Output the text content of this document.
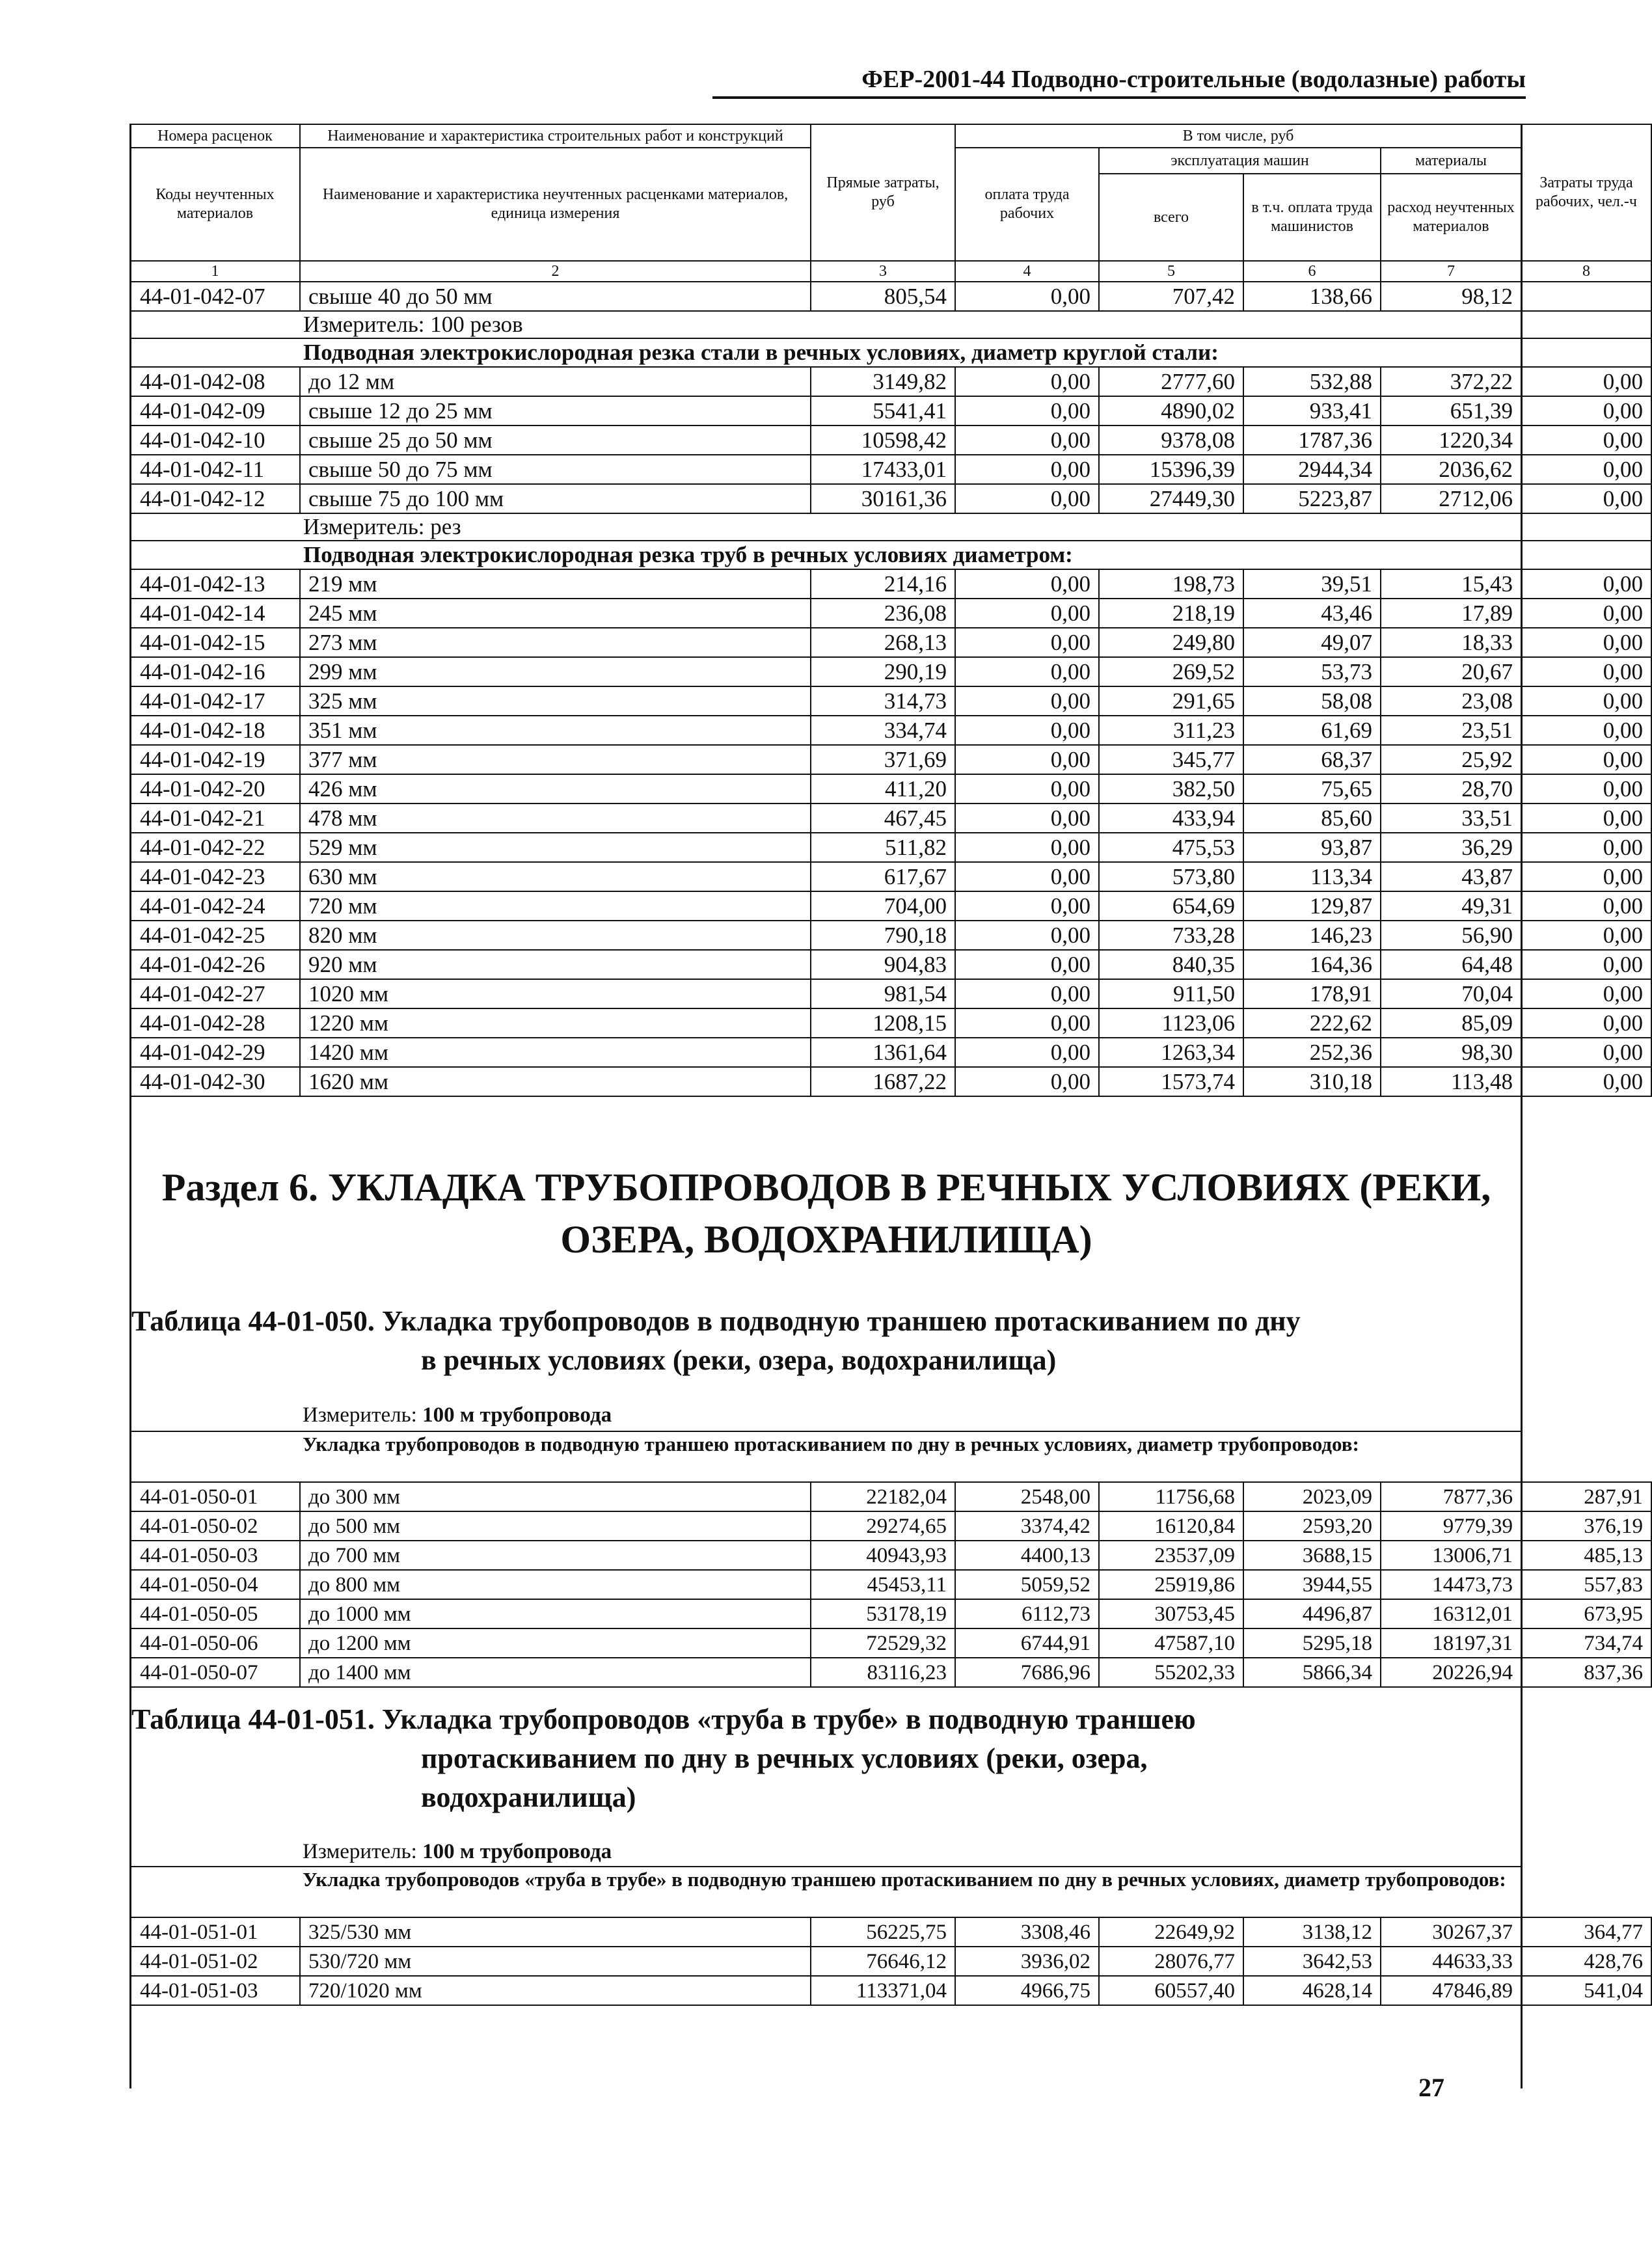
ФЕР-2001-44 Подводно-строительные (водолазные) работы
Номера расценок	Наименование и характеристика строительных работ и конструкций	Прямые затраты, руб	В том числе, руб				Затраты труда рабочих, чел.-ч
Коды неучтенных материалов	Наименование и характеристика неучтенных расценками материалов, единица измерения		оплата труда рабочих	эксплуатация машин		материалы	
				всего	в т.ч. оплата труда машинистов	расход неучтенных материалов	
1	2	3	4	5	6	7	8
44-01-042-07	свыше 40 до 50 мм	805,54	0,00	707,42	138,66	98,12	
Измеритель: 100 резов							
Подводная электрокислородная резка стали в речных условиях, диаметр круглой стали:							
44-01-042-08	до 12 мм	3149,82	0,00	2777,60	532,88	372,22	0,00
44-01-042-09	свыше 12 до 25 мм	5541,41	0,00	4890,02	933,41	651,39	0,00
44-01-042-10	свыше 25 до 50 мм	10598,42	0,00	9378,08	1787,36	1220,34	0,00
44-01-042-11	свыше 50 до 75 мм	17433,01	0,00	15396,39	2944,34	2036,62	0,00
44-01-042-12	свыше 75 до 100 мм	30161,36	0,00	27449,30	5223,87	2712,06	0,00
Измеритель: рез							
Подводная электрокислородная резка труб в речных условиях диаметром:							
44-01-042-13	219 мм	214,16	0,00	198,73	39,51	15,43	0,00
44-01-042-14	245 мм	236,08	0,00	218,19	43,46	17,89	0,00
44-01-042-15	273 мм	268,13	0,00	249,80	49,07	18,33	0,00
44-01-042-16	299 мм	290,19	0,00	269,52	53,73	20,67	0,00
44-01-042-17	325 мм	314,73	0,00	291,65	58,08	23,08	0,00
44-01-042-18	351 мм	334,74	0,00	311,23	61,69	23,51	0,00
44-01-042-19	377 мм	371,69	0,00	345,77	68,37	25,92	0,00
44-01-042-20	426 мм	411,20	0,00	382,50	75,65	28,70	0,00
44-01-042-21	478 мм	467,45	0,00	433,94	85,60	33,51	0,00
44-01-042-22	529 мм	511,82	0,00	475,53	93,87	36,29	0,00
44-01-042-23	630 мм	617,67	0,00	573,80	113,34	43,87	0,00
44-01-042-24	720 мм	704,00	0,00	654,69	129,87	49,31	0,00
44-01-042-25	820 мм	790,18	0,00	733,28	146,23	56,90	0,00
44-01-042-26	920 мм	904,83	0,00	840,35	164,36	64,48	0,00
44-01-042-27	1020 мм	981,54	0,00	911,50	178,91	70,04	0,00
44-01-042-28	1220 мм	1208,15	0,00	1123,06	222,62	85,09	0,00
44-01-042-29	1420 мм	1361,64	0,00	1263,34	252,36	98,30	0,00
44-01-042-30	1620 мм	1687,22	0,00	1573,74	310,18	113,48	0,00
Раздел 6. УКЛАДКА ТРУБОПРОВОДОВ В РЕЧНЫХ УСЛОВИЯХ (РЕКИ, ОЗЕРА, ВОДОХРАНИЛИЩА)
Таблица 44-01-050. Укладка трубопроводов в подводную траншею протаскиванием по дну
в речных условиях (реки, озера, водохранилища)
Измеритель: 100 м трубопровода
Укладка трубопроводов в подводную траншею протаскиванием по дну в речных условиях, диаметр трубопроводов:
44-01-050-01	до 300 мм	22182,04	2548,00	11756,68	2023,09	7877,36	287,91
44-01-050-02	до 500 мм	29274,65	3374,42	16120,84	2593,20	9779,39	376,19
44-01-050-03	до 700 мм	40943,93	4400,13	23537,09	3688,15	13006,71	485,13
44-01-050-04	до 800 мм	45453,11	5059,52	25919,86	3944,55	14473,73	557,83
44-01-050-05	до 1000 мм	53178,19	6112,73	30753,45	4496,87	16312,01	673,95
44-01-050-06	до 1200 мм	72529,32	6744,91	47587,10	5295,18	18197,31	734,74
44-01-050-07	до 1400 мм	83116,23	7686,96	55202,33	5866,34	20226,94	837,36
Таблица 44-01-051. Укладка трубопроводов «труба в трубе» в подводную траншею
протаскиванием по дну в речных условиях (реки, озера,
водохранилища)
Измеритель: 100 м трубопровода
Укладка трубопроводов «труба в трубе» в подводную траншею протаскиванием по дну в речных условиях, диаметр трубопроводов:
44-01-051-01	325/530 мм	56225,75	3308,46	22649,92	3138,12	30267,37	364,77
44-01-051-02	530/720 мм	76646,12	3936,02	28076,77	3642,53	44633,33	428,76
44-01-051-03	720/1020 мм	113371,04	4966,75	60557,40	4628,14	47846,89	541,04
27
